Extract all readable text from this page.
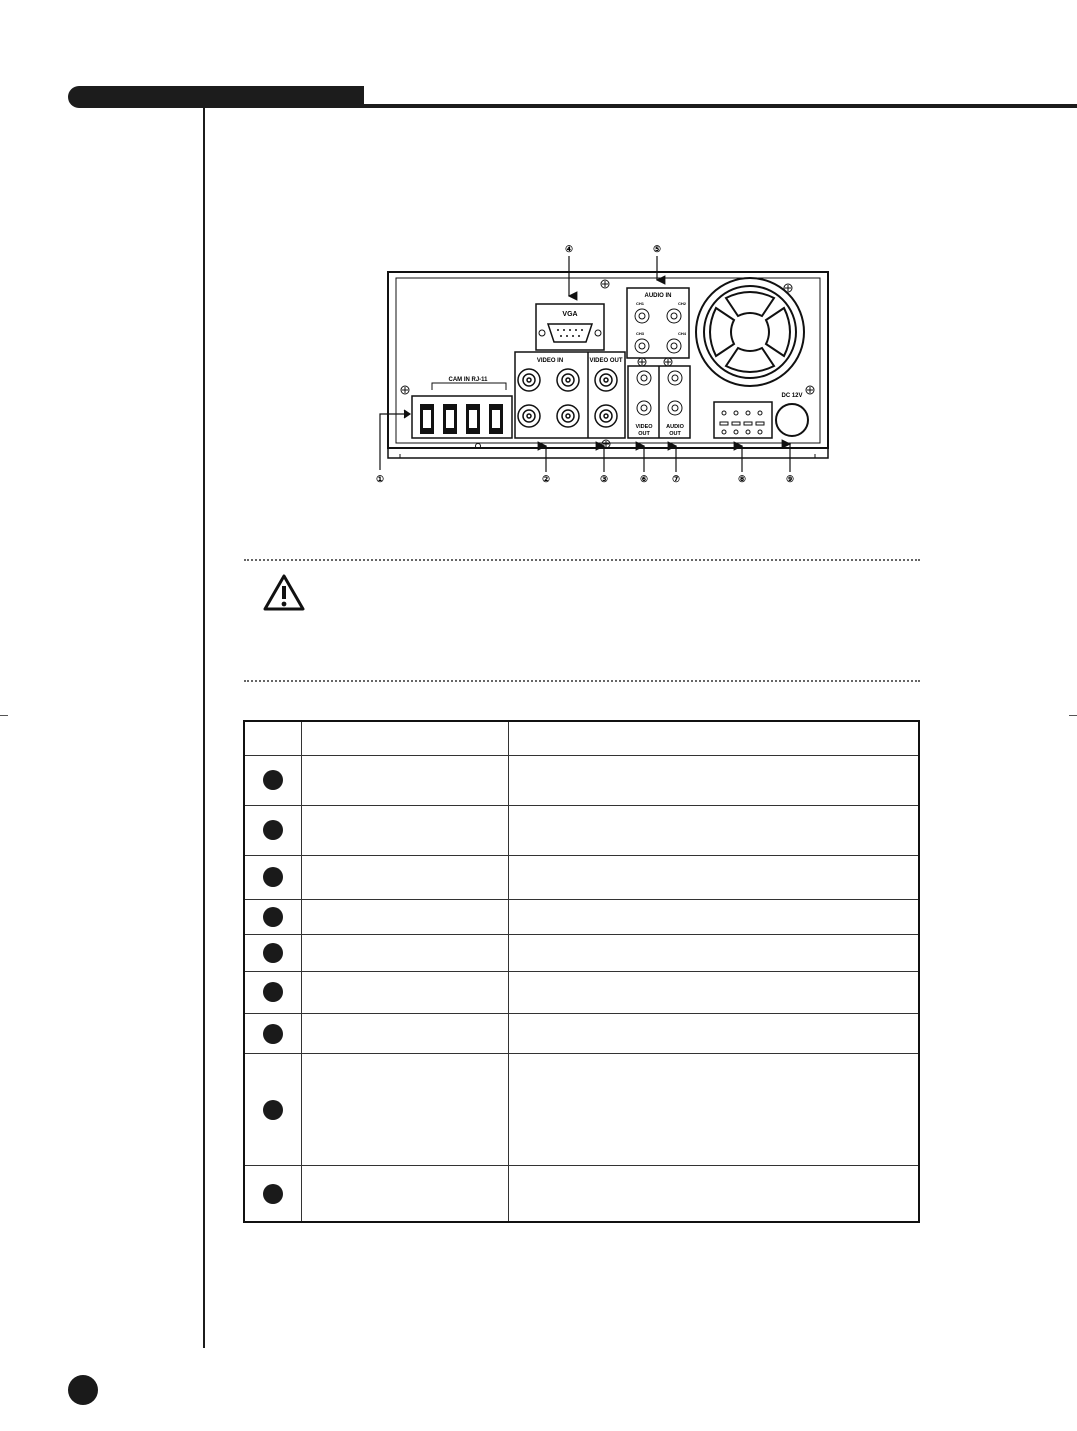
VGA
AUDIO IN
CH1	CH2
CH3	CH4
VIDEO IN	VIDEO OUT
VIDEO
OUT
AUDIO
OUT
CAM IN RJ-11
DC 12V
④	⑤
①	②	③	⑥	⑦	⑧	⑨
